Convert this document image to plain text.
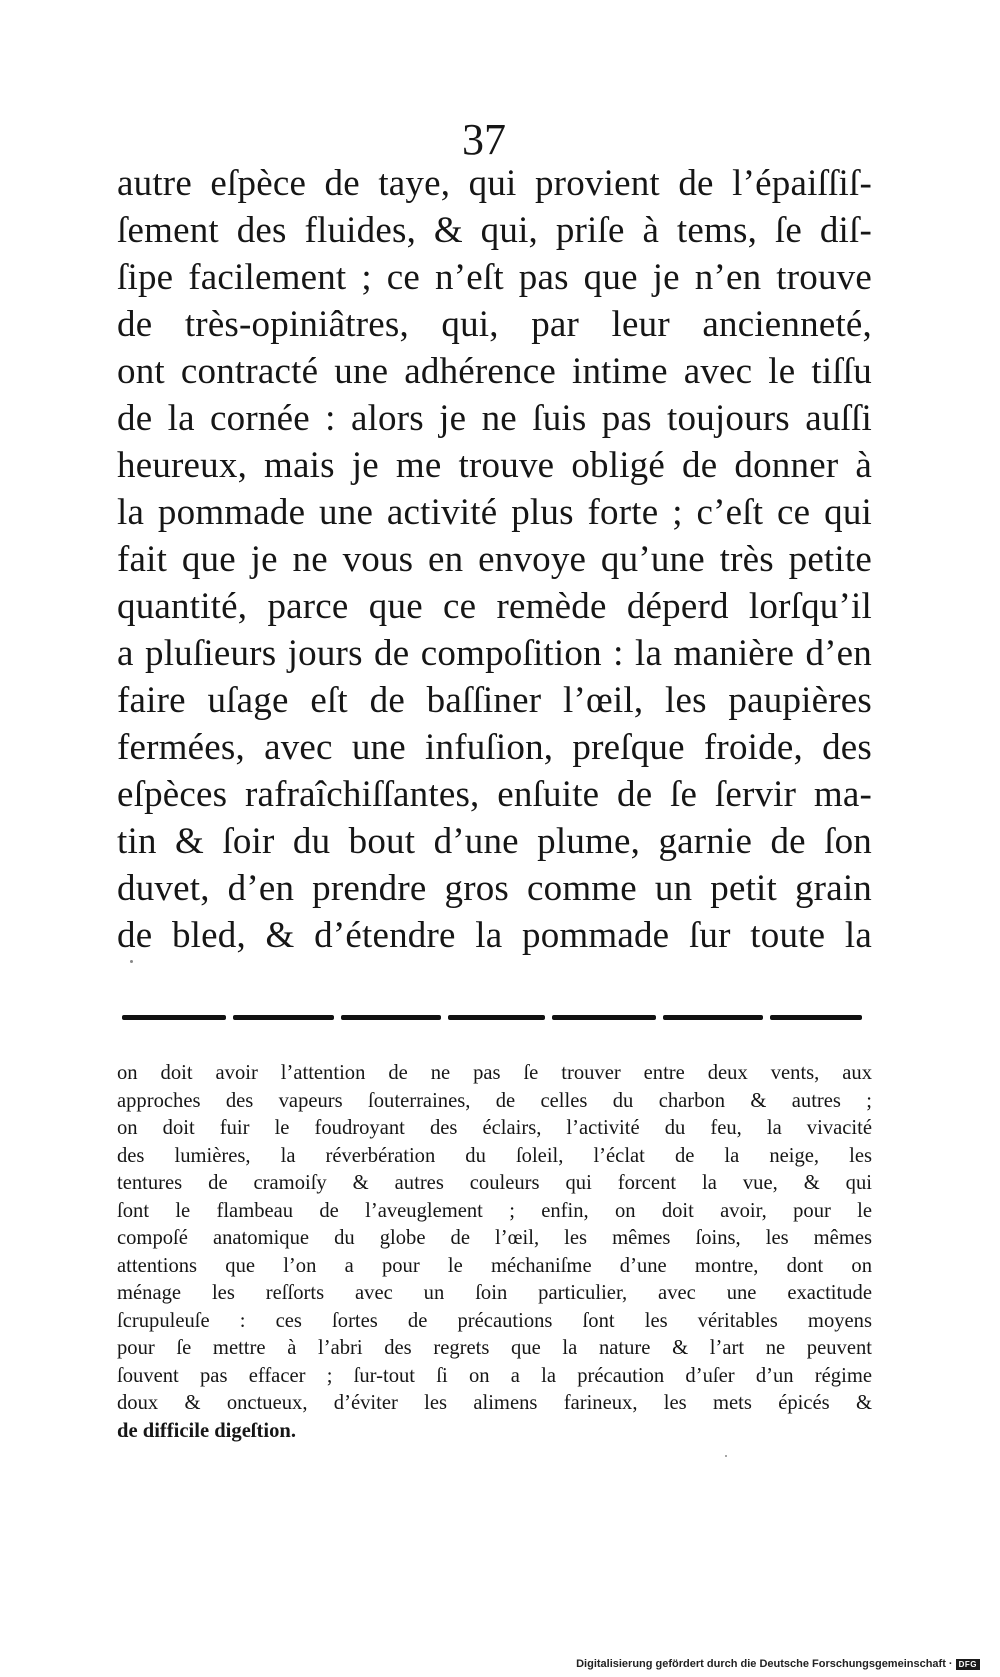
37
autre eſpèce de taye, qui provient de l’épaiſſiſ-
ſement des fluides, & qui, priſe à tems, ſe diſ-
ſipe facilement ; ce n’eſt pas que je n’en trouve
de très-opiniâtres, qui, par leur ancienneté,
ont contracté une adhérence intime avec le tiſſu
de la cornée : alors je ne ſuis pas toujours auſſi
heureux, mais je me trouve obligé de donner à
la pommade une activité plus forte ; c’eſt ce qui
fait que je ne vous en envoye qu’une très petite
quantité, parce que ce remède déperd lorſqu’il
a pluſieurs jours de compoſition : la manière d’en
faire uſage eſt de baſſiner l’œil, les paupières
fermées, avec une infuſion, preſque froide, des
eſpèces rafraîchiſſantes, enſuite de ſe ſervir ma-
tin & ſoir du bout d’une plume, garnie de ſon
duvet, d’en prendre gros comme un petit grain
de bled, & d’étendre la pommade ſur toute la
on doit avoir l’attention de ne pas ſe trouver entre deux vents, aux
approches des vapeurs ſouterraines, de celles du charbon & autres ;
on doit fuir le foudroyant des éclairs, l’activité du feu, la vivacité
des lumières, la réverbération du ſoleil, l’éclat de la neige, les
tentures de cramoiſy & autres couleurs qui forcent la vue, & qui
ſont le flambeau de l’aveuglement ; enfin, on doit avoir, pour le
compoſé anatomique du globe de l’œil, les mêmes ſoins, les mêmes
attentions que l’on a pour le méchaniſme d’une montre, dont on
ménage les reſſorts avec un ſoin particulier, avec une exactitude
ſcrupuleuſe : ces ſortes de précautions ſont les véritables moyens
pour ſe mettre à l’abri des regrets que la nature & l’art ne peuvent
ſouvent pas effacer ; ſur-tout ſi on a la précaution d’uſer d’un régime
doux & onctueux, d’éviter les alimens farineux, les mets épicés &
de difficile digeſtion.
Digitalisierung gefördert durch die Deutsche Forschungsgemeinschaft · DFG
